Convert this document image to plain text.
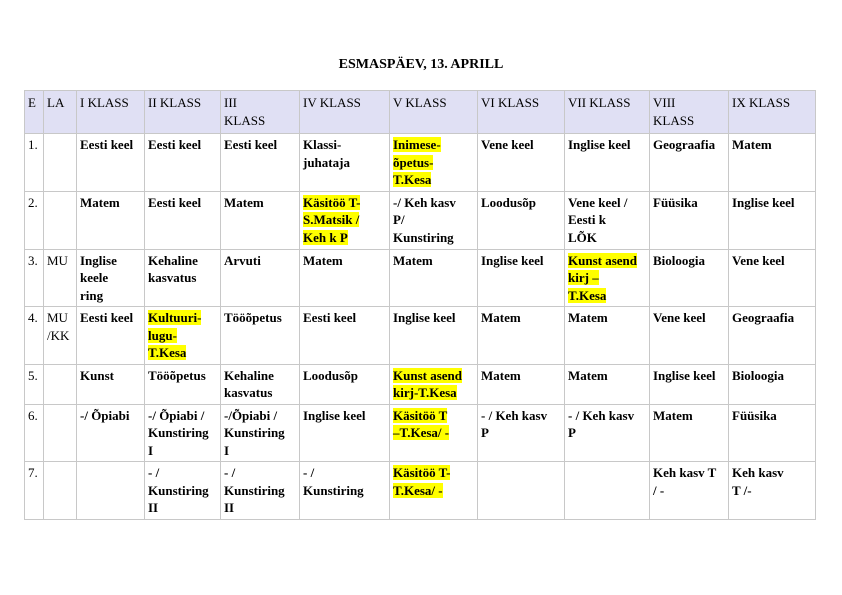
ESMASPÄEV, 13. APRILL
E	LA	I KLASS	II KLASS	III
KLASS	IV KLASS	V KLASS	VI KLASS	VII KLASS	VIII
KLASS	IX KLASS
1.		Eesti keel	Eesti keel	Eesti keel	Klassi-
juhataja	Inimese-
õpetus-
T.Kesa	Vene keel	Inglise keel	Geograafia	Matem
2.		Matem	Eesti keel	Matem	Käsitöö T-
S.Matsik /
Keh k P	-/ Keh kasv
P/
Kunstiring	Loodusõp	Vene keel /
Eesti k
LÕK	Füüsika	Inglise keel
3.	MU	Inglise
keele
ring	Kehaline
kasvatus	Arvuti	Matem	Matem	Inglise keel	Kunst asend
kirj –
T.Kesa	Bioloogia	Vene keel
4.	MU
/KK	Eesti keel	Kultuuri-
lugu-
T.Kesa	Tööõpetus	Eesti keel	Inglise keel	Matem	Matem	Vene keel	Geograafia
5.		Kunst	Tööõpetus	Kehaline
kasvatus	Loodusõp	Kunst asend
kirj-T.Kesa	Matem	Matem	Inglise keel	Bioloogia
6.		-/ Õpiabi	-/ Õpiabi /
Kunstiring
I	-/Õpiabi /
Kunstiring
I	Inglise keel	Käsitöö T
–T.Kesa/ -	- / Keh kasv
P	- / Keh kasv
P	Matem	Füüsika
7.			- /
Kunstiring
II	- /
Kunstiring
II	- /
Kunstiring	Käsitöö T-
T.Kesa/ -			Keh kasv T
/ -	Keh kasv
T /-
